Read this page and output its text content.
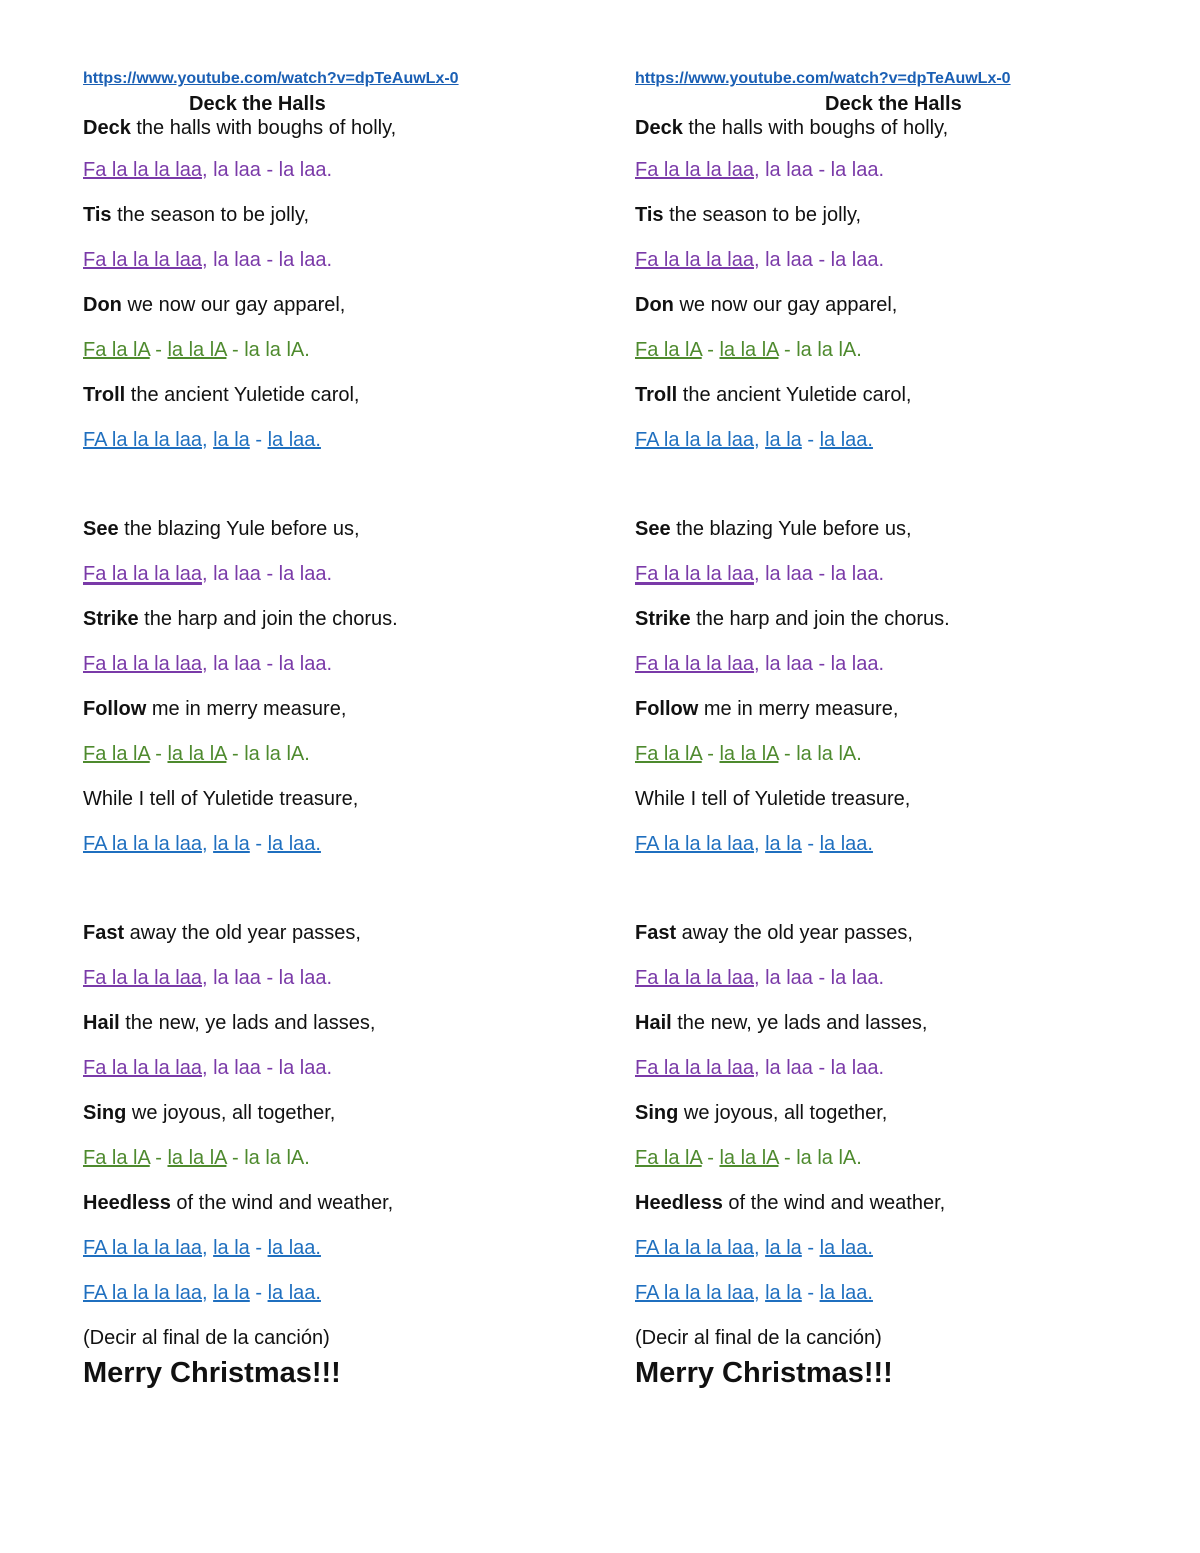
https://www.youtube.com/watch?v=dpTeAuwLx-0
Deck the Halls
Deck the halls with boughs of holly,
Fa la la la laa, la laa - la laa.
Tis the season to be jolly,
Fa la la la laa, la laa - la laa.
Don we now our gay apparel,
Fa la lA - la la lA - la la lA.
Troll the ancient Yuletide carol,
FA la la la laa, la la - la laa.
See the blazing Yule before us,
Fa la la la laa, la laa - la laa.
Strike the harp and join the chorus.
Fa la la la laa, la laa - la laa.
Follow me in merry measure,
Fa la lA - la la lA - la la lA.
While I tell of Yuletide treasure,
FA la la la laa, la la - la laa.
Fast away the old year passes,
Fa la la la laa, la laa - la laa.
Hail the new, ye lads and lasses,
Fa la la la laa, la laa - la laa.
Sing we joyous, all together,
Fa la lA - la la lA - la la lA.
Heedless of the wind and weather,
FA la la la laa, la la - la laa.
FA la la la laa, la la - la laa.
(Decir al final de la canción)
Merry Christmas!!!
https://www.youtube.com/watch?v=dpTeAuwLx-0
Deck the Halls
Deck the halls with boughs of holly,
Fa la la la laa, la laa - la laa.
Tis the season to be jolly,
Fa la la la laa, la laa - la laa.
Don we now our gay apparel,
Fa la lA - la la lA - la la lA.
Troll the ancient Yuletide carol,
FA la la la laa, la la - la laa.
See the blazing Yule before us,
Fa la la la laa, la laa - la laa.
Strike the harp and join the chorus.
Fa la la la laa, la laa - la laa.
Follow me in merry measure,
Fa la lA - la la lA - la la lA.
While I tell of Yuletide treasure,
FA la la la laa, la la - la laa.
Fast away the old year passes,
Fa la la la laa, la laa - la laa.
Hail the new, ye lads and lasses,
Fa la la la laa, la laa - la laa.
Sing we joyous, all together,
Fa la lA - la la lA - la la lA.
Heedless of the wind and weather,
FA la la la laa, la la - la laa.
FA la la la laa, la la - la laa.
(Decir al final de la canción)
Merry Christmas!!!
